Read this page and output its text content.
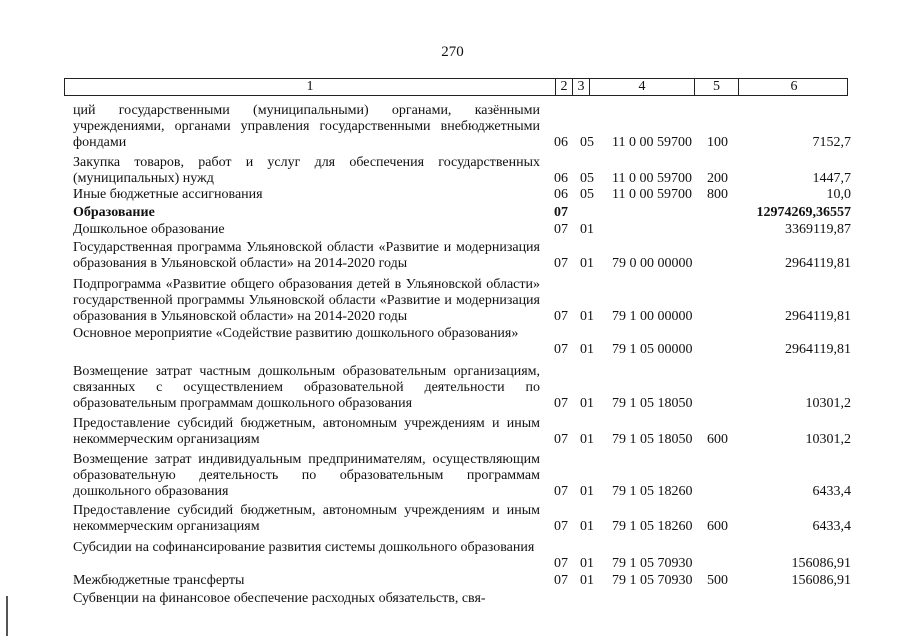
270
1	2 3	4	5	6
ций государственными (муниципальными) органами, казёнными учреждениями, органами управления государственными внебюджетными фондами	06 05 11 0 00 59700 100	7152,7
Закупка товаров, работ и услуг для обеспечения государственных (муниципальных) нужд	06 05 11 0 00 59700 200	1447,7
Иные бюджетные ассигнования	06 05 11 0 00 59700 800	10,0
Образование	07	12974269,36557
Дошкольное образование	07 01	3369119,87
Государственная программа Ульяновской области «Развитие и модернизация образования в Ульяновской области» на 2014-2020 годы	07 01 79 0 00 00000	2964119,81
Подпрограмма «Развитие общего образования детей в Ульяновской области» государственной программы Ульяновской области «Развитие и модернизация образования в Ульяновской области» на 2014-2020 годы	07 01 79 1 00 00000	2964119,81
Основное мероприятие «Содействие развитию дошкольного образования»
07 01 79 1 05 00000	2964119,81
Возмещение затрат частным дошкольным образовательным организациям, связанных с осуществлением образовательной деятельности по образовательным программам дошкольного образования	07 01 79 1 05 18050	10301,2
Предоставление субсидий бюджетным, автономным учреждениям и иным некоммерческим организациям	07 01 79 1 05 18050 600	10301,2
Возмещение затрат индивидуальным предпринимателям, осуществляющим образовательную деятельность по образовательным программам дошкольного образования	07 01 79 1 05 18260	6433,4
Предоставление субсидий бюджетным, автономным учреждениям и иным некоммерческим организациям	07 01 79 1 05 18260 600	6433,4
Субсидии на софинансирование развития системы дошкольного образования
07 01 79 1 05 70930	156086,91
Межбюджетные трансферты	07 01 79 1 05 70930 500	156086,91
Субвенции на финансовое обеспечение расходных обязательств, свя-
